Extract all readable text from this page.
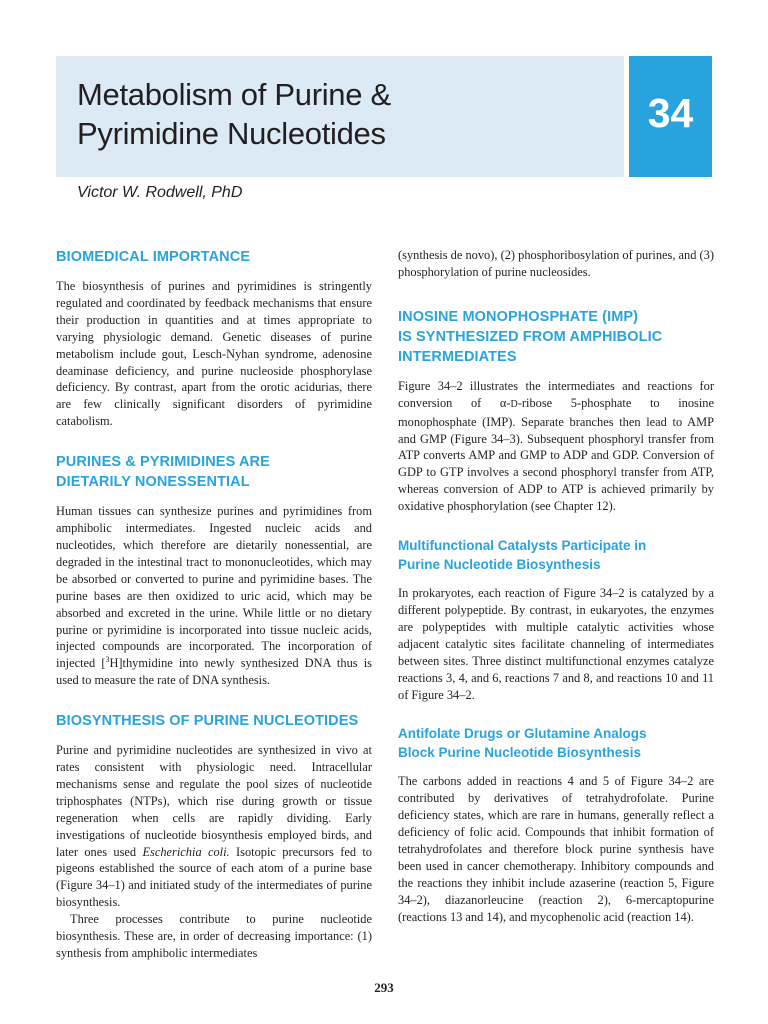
Metabolism of Purine &
Pyrimidine Nucleotides	34

Victor W. Rodwell, PhD

BIOMEDICAL IMPORTANCE

The biosynthesis of purines and pyrimidines is stringently regulated and coordinated by feedback mechanisms that ensure their production in quantities and at times appropriate to varying physiologic demand. Genetic diseases of purine metabolism include gout, Lesch-Nyhan syndrome, adenosine deaminase deficiency, and purine nucleoside phosphorylase deficiency. By contrast, apart from the orotic acidurias, there are few clinically significant disorders of pyrimidine catabolism.

PURINES & PYRIMIDINES ARE
DIETARILY NONESSENTIAL

Human tissues can synthesize purines and pyrimidines from amphibolic intermediates. Ingested nucleic acids and nucleotides, which therefore are dietarily nonessential, are degraded in the intestinal tract to mononucleotides, which may be absorbed or converted to purine and pyrimidine bases. The purine bases are then oxidized to uric acid, which may be absorbed and excreted in the urine. While little or no dietary purine or pyrimidine is incorporated into tissue nucleic acids, injected compounds are incorporated. The incorporation of injected [$^3$H]thymidine into newly synthesized DNA thus is used to measure the rate of DNA synthesis.

BIOSYNTHESIS OF PURINE NUCLEOTIDES

Purine and pyrimidine nucleotides are synthesized in vivo at rates consistent with physiologic need. Intracellular mechanisms sense and regulate the pool sizes of nucleotide triphosphates (NTPs), which rise during growth or tissue regeneration when cells are rapidly dividing. Early investigations of nucleotide biosynthesis employed birds, and later ones used Escherichia coli. Isotopic precursors fed to pigeons established the source of each atom of a purine base (Figure 34–1) and initiated study of the intermediates of purine biosynthesis.

Three processes contribute to purine nucleotide biosynthesis. These are, in order of decreasing importance: (1) synthesis from amphibolic intermediates

(synthesis de novo), (2) phosphoribosylation of purines, and (3) phosphorylation of purine nucleosides.

INOSINE MONOPHOSPHATE (IMP)
IS SYNTHESIZED FROM AMPHIBOLIC
INTERMEDIATES

Figure 34–2 illustrates the intermediates and reactions for conversion of α-D-ribose 5-phosphate to inosine monophosphate (IMP). Separate branches then lead to AMP and GMP (Figure 34–3). Subsequent phosphoryl transfer from ATP converts AMP and GMP to ADP and GDP. Conversion of GDP to GTP involves a second phosphoryl transfer from ATP, whereas conversion of ADP to ATP is achieved primarily by oxidative phosphorylation (see Chapter 12).

Multifunctional Catalysts Participate in
Purine Nucleotide Biosynthesis

In prokaryotes, each reaction of Figure 34–2 is catalyzed by a different polypeptide. By contrast, in eukaryotes, the enzymes are polypeptides with multiple catalytic activities whose adjacent catalytic sites facilitate channeling of intermediates between sites. Three distinct multifunctional enzymes catalyze reactions 3, 4, and 6, reactions 7 and 8, and reactions 10 and 11 of Figure 34–2.

Antifolate Drugs or Glutamine Analogs
Block Purine Nucleotide Biosynthesis

The carbons added in reactions 4 and 5 of Figure 34–2 are contributed by derivatives of tetrahydrofolate. Purine deficiency states, which are rare in humans, generally reflect a deficiency of folic acid. Compounds that inhibit formation of tetrahydrofolates and therefore block purine synthesis have been used in cancer chemotherapy. Inhibitory compounds and the reactions they inhibit include azaserine (reaction 5, Figure 34–2), diazanorleucine (reaction 2), 6-mercaptopurine (reactions 13 and 14), and mycophenolic acid (reaction 14).

293
